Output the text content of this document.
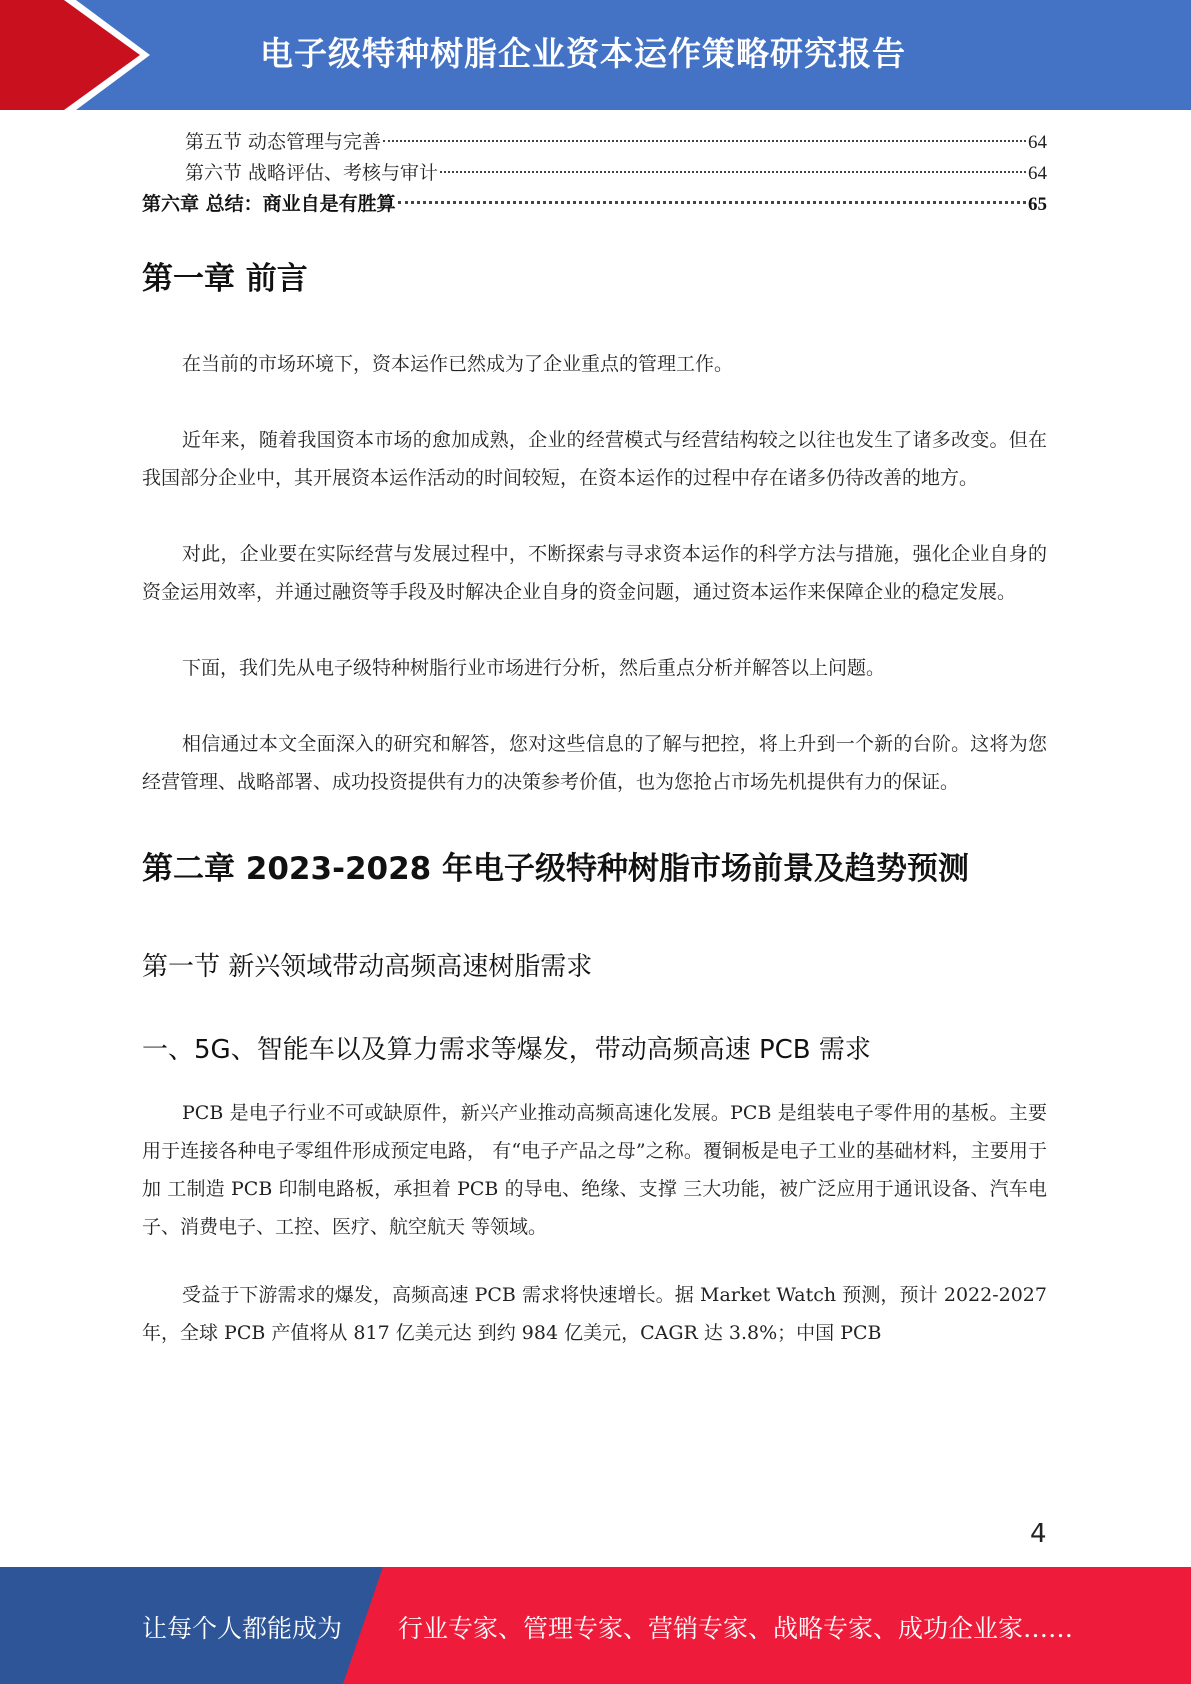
电子级特种树脂企业资本运作策略研究报告
第五节 动态管理与完善	64
第六节 战略评估、考核与审计	64
第六章 总结：商业自是有胜算	65
第一章 前言

在当前的市场环境下，资本运作已然成为了企业重点的管理工作。

近年来，随着我国资本市场的愈加成熟，企业的经营模式与经营结构较之以往也发生了诸多改变。但在我国部分企业中，其开展资本运作活动的时间较短，在资本运作的过程中存在诸多仍待改善的地方。

对此，企业要在实际经营与发展过程中，不断探索与寻求资本运作的科学方法与措施，强化企业自身的资金运用效率，并通过融资等手段及时解决企业自身的资金问题，通过资本运作来保障企业的稳定发展。

下面，我们先从电子级特种树脂行业市场进行分析，然后重点分析并解答以上问题。

相信通过本文全面深入的研究和解答，您对这些信息的了解与把控，将上升到一个新的台阶。这将为您经营管理、战略部署、成功投资提供有力的决策参考价值，也为您抢占市场先机提供有力的保证。

第二章 2023-2028 年电子级特种树脂市场前景及趋势预测
第一节 新兴领域带动高频高速树脂需求
一、5G、智能车以及算力需求等爆发，带动高频高速 PCB 需求

PCB 是电子行业不可或缺原件，新兴产业推动高频高速化发展。PCB 是组装电子零件用的基板。主要用于连接各种电子零组件形成预定电路， 有“电子产品之母”之称。覆铜板是电子工业的基础材料，主要用于加 工制造 PCB 印制电路板，承担着 PCB 的导电、绝缘、支撑 三大功能，被广泛应用于通讯设备、汽车电子、消费电子、工控、医疗、航空航天 等领域。

受益于下游需求的爆发，高频高速 PCB 需求将快速增长。据 Market Watch 预测，预计 2022-2027 年，全球 PCB 产值将从 817 亿美元达 到约 984 亿美元，CAGR 达 3.8%；中国 PCB

4
让每个人都能成为 行业专家、管理专家、营销专家、战略专家、成功企业家……
